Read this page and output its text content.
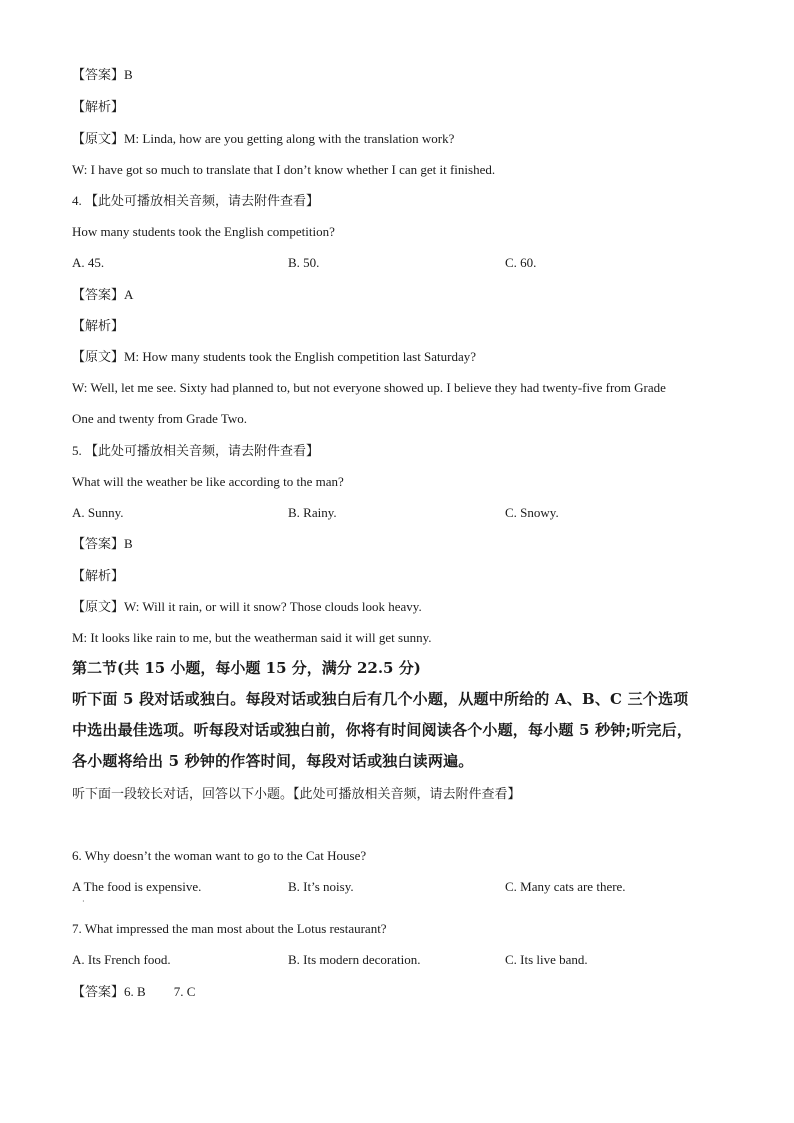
【答案】B
【解析】
【原文】M: Linda, how are you getting along with the translation work?
W: I have got so much to translate that I don’t know whether I can get it finished.
4. 【此处可播放相关音频，请去附件查看】
How many students took the English competition?
A. 45.	B. 50.	C. 60.
【答案】A
【解析】
【原文】M: How many students took the English competition last Saturday?
W: Well, let me see. Sixty had planned to, but not everyone showed up. I believe they had twenty-five from Grade
One and twenty from Grade Two.
5. 【此处可播放相关音频，请去附件查看】
What will the weather be like according to the man?
A. Sunny.	B. Rainy.	C. Snowy.
【答案】B
【解析】
【原文】W: Will it rain, or will it snow? Those clouds look heavy.
M: It looks like rain to me, but the weatherman said it will get sunny.
第二节(共 15 小题，每小题 15 分，满分 22.5 分)
听下面 5 段对话或独白。每段对话或独白后有几个小题，从题中所给的 A、B、C 三个选项
中选出最佳选项。听每段对话或独白前，你将有时间阅读各个小题，每小题 5 秒钟;听完后，
各小题将给出 5 秒钟的作答时间，每段对话或独白读两遍。
听下面一段较长对话，回答以下小题。【此处可播放相关音频，请去附件查看】
6. Why doesn’t the woman want to go to the Cat House?
A The food is expensive.	B. It’s noisy.	C. Many cats are there.
·
7. What impressed the man most about the Lotus restaurant?
A. Its French food.	B. Its modern decoration.	C. Its live band.
【答案】6. B 7. C
